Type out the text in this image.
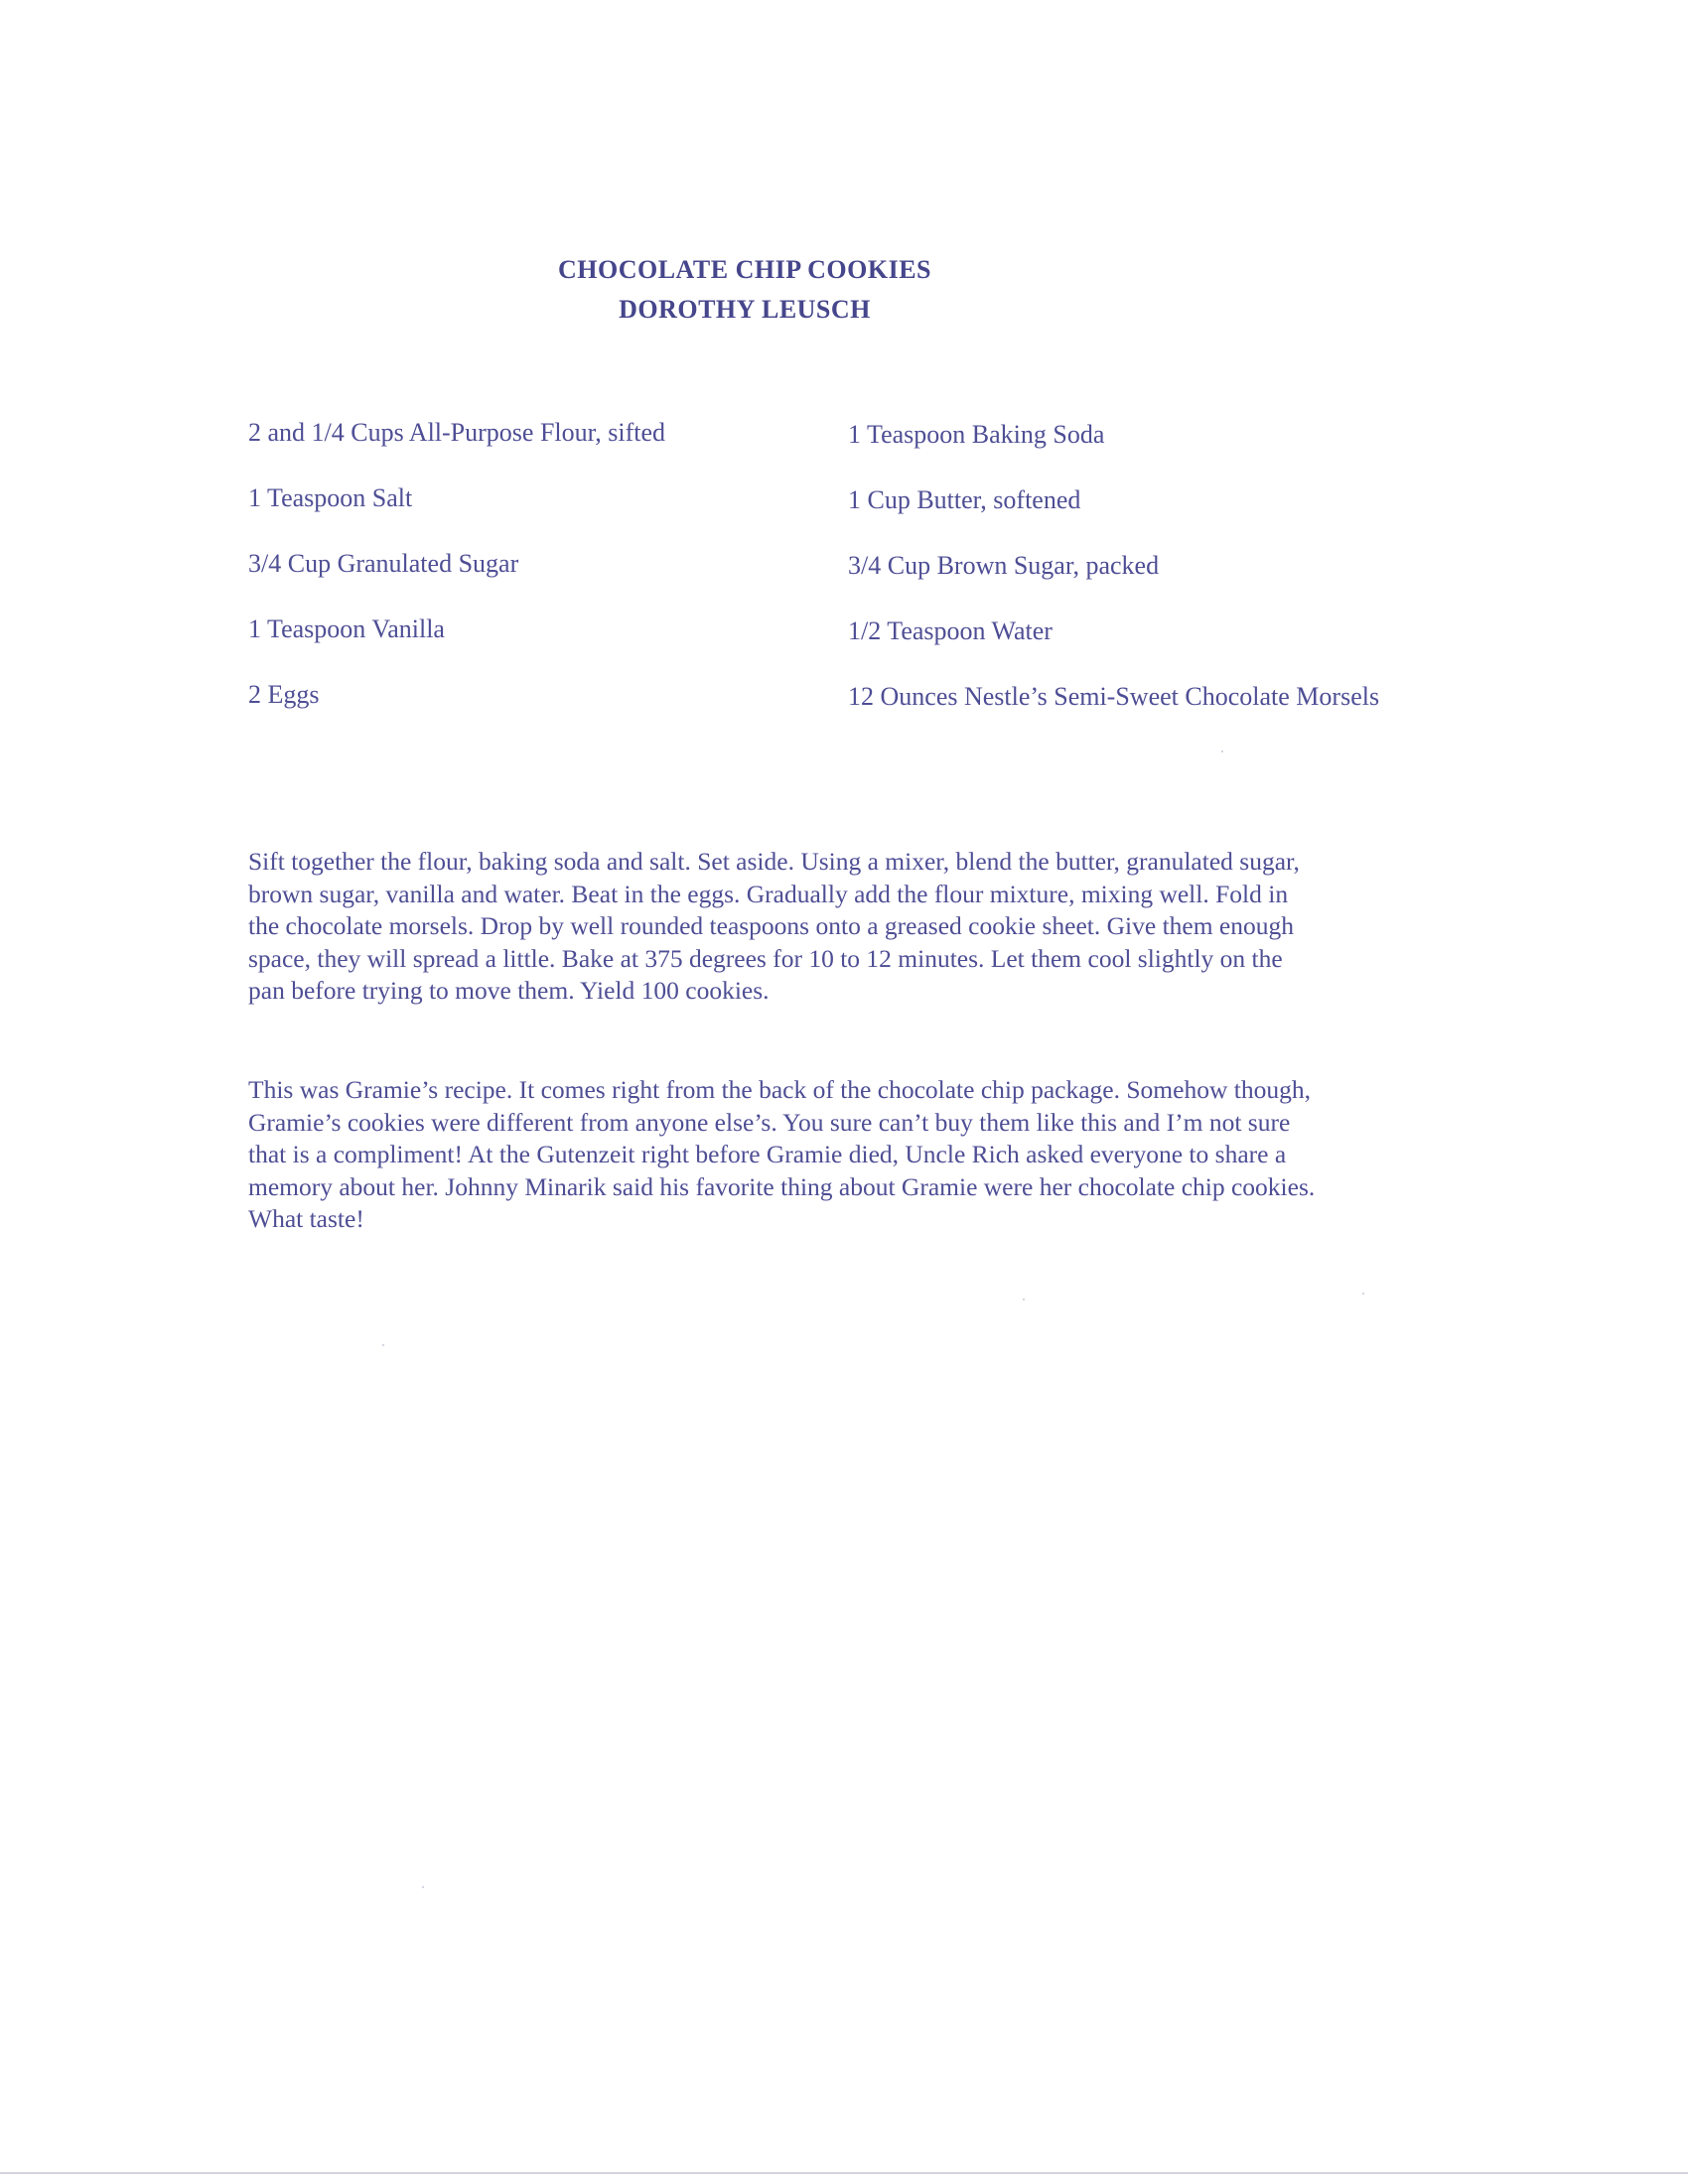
CHOCOLATE CHIP COOKIES
DOROTHY LEUSCH
2 and 1/4 Cups All-Purpose Flour, sifted
1 Teaspoon Salt
3/4 Cup Granulated Sugar
1 Teaspoon Vanilla
2 Eggs
1 Teaspoon Baking Soda
1 Cup Butter, softened
3/4 Cup Brown Sugar, packed
1/2 Teaspoon Water
12 Ounces Nestle’s Semi-Sweet Chocolate Morsels
Sift together the flour, baking soda and salt. Set aside. Using a mixer, blend the butter, granulated sugar,
brown sugar, vanilla and water. Beat in the eggs. Gradually add the flour mixture, mixing well. Fold in
the chocolate morsels. Drop by well rounded teaspoons onto a greased cookie sheet. Give them enough
space, they will spread a little. Bake at 375 degrees for 10 to 12 minutes. Let them cool slightly on the
pan before trying to move them. Yield 100 cookies.
This was Gramie’s recipe. It comes right from the back of the chocolate chip package. Somehow though,
Gramie’s cookies were different from anyone else’s. You sure can’t buy them like this and I’m not sure
that is a compliment! At the Gutenzeit right before Gramie died, Uncle Rich asked everyone to share a
memory about her. Johnny Minarik said his favorite thing about Gramie were her chocolate chip cookies.
What taste!
